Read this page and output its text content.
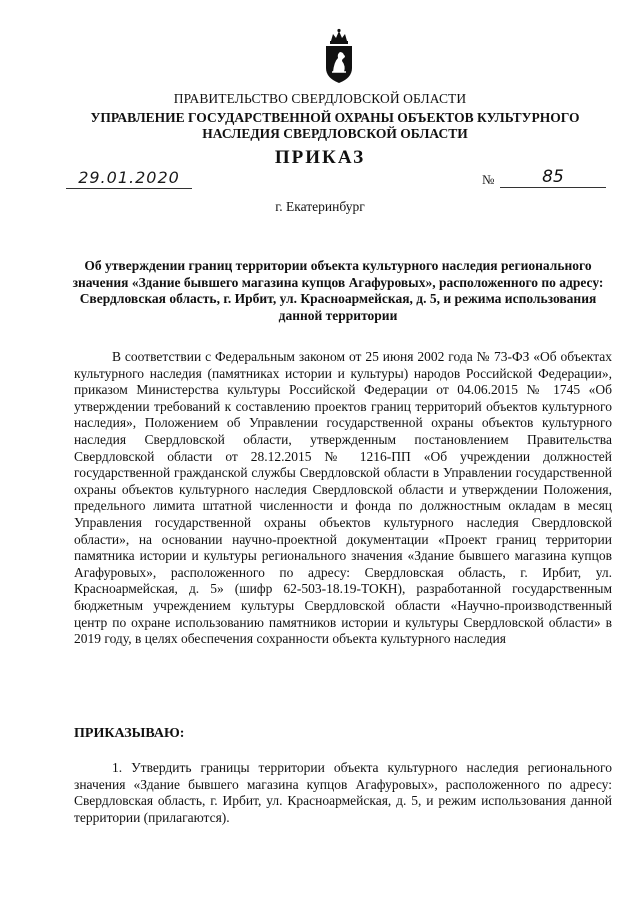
ПРАВИТЕЛЬСТВО СВЕРДЛОВСКОЙ ОБЛАСТИ
УПРАВЛЕНИЕ ГОСУДАРСТВЕННОЙ ОХРАНЫ ОБЪЕКТОВ КУЛЬТУРНОГО НАСЛЕДИЯ СВЕРДЛОВСКОЙ ОБЛАСТИ
ПРИКАЗ
29.01.2020	№	85
г. Екатеринбург
Об утверждении границ территории объекта культурного наследия регионального значения «Здание бывшего магазина купцов Агафуровых», расположенного по адресу: Свердловская область, г. Ирбит, ул. Красноармейская, д. 5, и режима использования данной территории
В соответствии с Федеральным законом от 25 июня 2002 года № 73-ФЗ «Об объектах культурного наследия (памятниках истории и культуры) народов Российской Федерации», приказом Министерства культуры Российской Федерации от 04.06.2015 № 1745 «Об утверждении требований к составлению проектов границ территорий объектов культурного наследия», Положением об Управлении государственной охраны объектов культурного наследия Свердловской области, утвержденным постановлением Правительства Свердловской области от 28.12.2015 № 1216-ПП «Об учреждении должностей государственной гражданской службы Свердловской области в Управлении государственной охраны объектов культурного наследия Свердловской области и утверждении Положения, предельного лимита штатной численности и фонда по должностным окладам в месяц Управления государственной охраны объектов культурного наследия Свердловской области», на основании научно-проектной документации «Проект границ территории памятника истории и культуры регионального значения «Здание бывшего магазина купцов Агафуровых», расположенного по адресу: Свердловская область, г. Ирбит, ул. Красноармейская, д. 5» (шифр 62-503-18.19-ТОКН), разработанной государственным бюджетным учреждением культуры Свердловской области «Научно-производственный центр по охране использованию памятников истории и культуры Свердловской области» в 2019 году, в целях обеспечения сохранности объекта культурного наследия
ПРИКАЗЫВАЮ:
1. Утвердить границы территории объекта культурного наследия регионального значения «Здание бывшего магазина купцов Агафуровых», расположенного по адресу: Свердловская область, г. Ирбит, ул. Красноармейская, д. 5, и режим использования данной территории (прилагаются).
